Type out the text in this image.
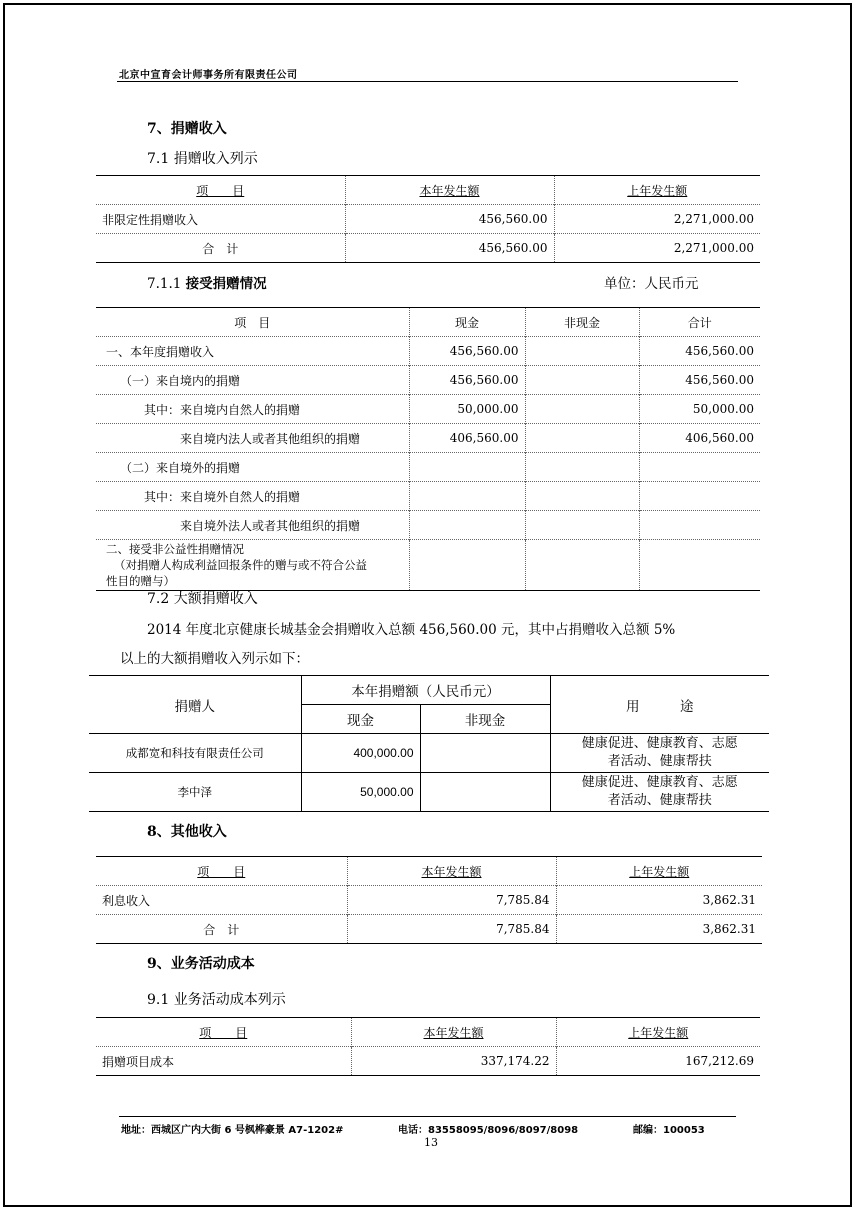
北京中宣育会计师事务所有限责任公司
7、捐赠收入
7.1 捐赠收入列示
项　　目	本年发生额	上年发生额
非限定性捐赠收入	456,560.00	2,271,000.00
合　计	456,560.00	2,271,000.00
7.1.1 接受捐赠情况	单位：人民币元
项　目	现金	非现金	合计
一、本年度捐赠收入	456,560.00		456,560.00
（一）来自境内的捐赠	456,560.00		456,560.00
其中：来自境内自然人的捐赠	50,000.00		50,000.00
来自境内法人或者其他组织的捐赠	406,560.00		406,560.00
（二）来自境外的捐赠			
其中：来自境外自然人的捐赠			
来自境外法人或者其他组织的捐赠			

二、接受非公益性捐赠情况
（对捐赠人构成利益回报条件的赠与或不符合公益
性目的赠与）			

7.2 大额捐赠收入
2014 年度北京健康长城基金会捐赠收入总额 456,560.00 元，其中占捐赠收入总额 5%
以上的大额捐赠收入列示如下：
捐赠人	本年捐赠额（人民币元）		用　　　途
	现金	非现金	
成都宽和科技有限责任公司	400,000.00		健康促进、健康教育、志愿
者活动、健康帮扶

李中泽	50,000.00		健康促进、健康教育、志愿
者活动、健康帮扶
8、其他收入
项　　目	本年发生额	上年发生额
利息收入	7,785.84	3,862.31
合　计	7,785.84	3,862.31
9、业务活动成本
9.1 业务活动成本列示
项　　目	本年发生额	上年发生额
捐赠项目成本	337,174.22	167,212.69
地址：西城区广内大街 6 号枫桦豪景 A7-1202#	电话：83558095/8096/8097/8098	邮编：100053
13
